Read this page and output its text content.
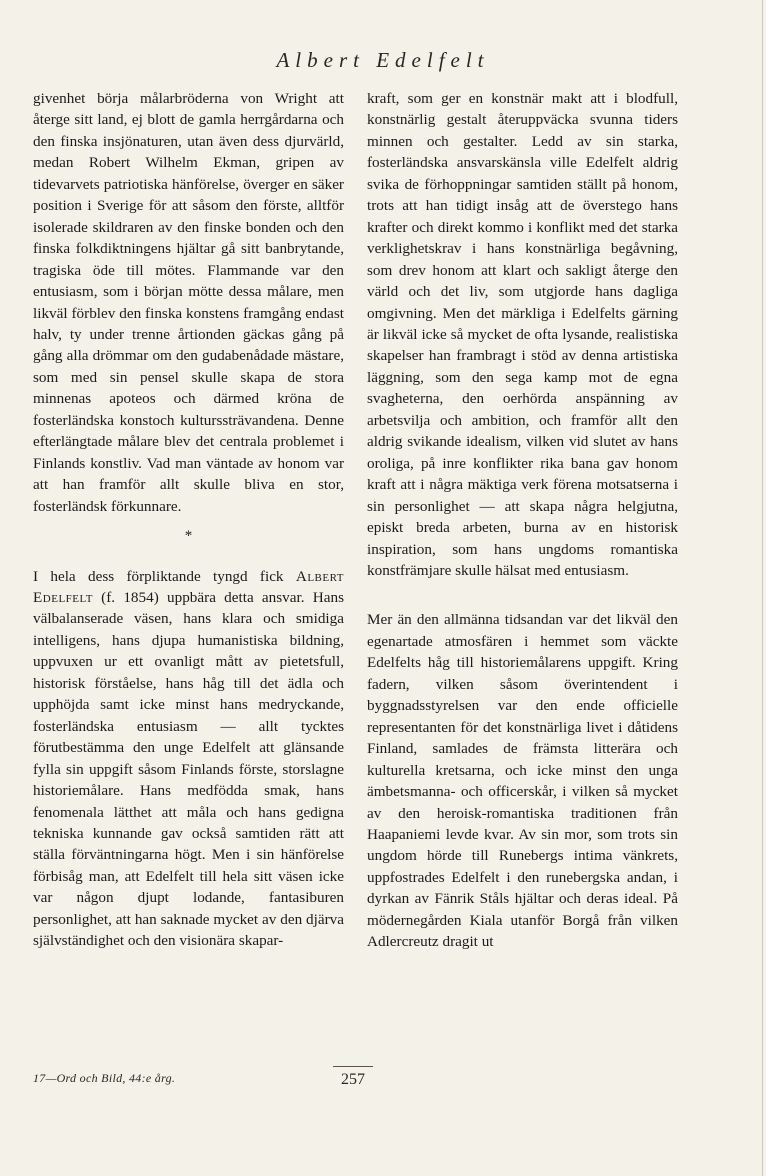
Albert Edelfelt

givenhet börja målarbröderna von Wright att återge sitt land, ej blott de gamla herrgårdarna och den finska insjönaturen, utan även dess djurvärld, medan Robert Wilhelm Ekman, gripen av tidevarvets patriotiska hänförelse, överger en säker position i Sverige för att såsom den förste, alltför isolerade skildraren av den finske bonden och den finska folkdiktningens hjältar gå sitt banbrytande, tragiska öde till mötes. Flammande var den entusiasm, som i början mötte dessa målare, men likväl förblev den finska konstens framgång endast halv, ty under trenne årtionden gäckas gång på gång alla drömmar om den gudabenådade mästare, som med sin pensel skulle skapa de stora minnenas apoteos och därmed kröna de fosterländska konstoch kulturssträvandena. Denne efterlängtade målare blev det centrala problemet i Finlands konstliv. Vad man väntade av honom var att han framför allt skulle bliva en stor, fosterländsk förkunnare.

*

I hela dess förpliktande tyngd fick Albert Edelfelt (f. 1854) uppbära detta ansvar. Hans välbalanserade väsen, hans klara och smidiga intelligens, hans djupa humanistiska bildning, uppvuxen ur ett ovanligt mått av pietetsfull, historisk förståelse, hans håg till det ädla och upphöjda samt icke minst hans medryckande, fosterländska entusiasm — allt tycktes förutbestämma den unge Edelfelt att glänsande fylla sin uppgift såsom Finlands förste, storslagne historiemålare. Hans medfödda smak, hans fenomenala lätthet att måla och hans gedigna tekniska kunnande gav också samtiden rätt att ställa förväntningarna högt. Men i sin hänförelse förbisåg man, att Edelfelt till hela sitt väsen icke var någon djupt lodande, fantasiburen personlighet, att han saknade mycket av den djärva självständighet och den visionära skapar-

kraft, som ger en konstnär makt att i blodfull, konstnärlig gestalt återuppväcka svunna tiders minnen och gestalter. Ledd av sin starka, fosterländska ansvarskänsla ville Edelfelt aldrig svika de förhoppningar samtiden ställt på honom, trots att han tidigt insåg att de överstego hans krafter och direkt kommo i konflikt med det starka verklighetskrav i hans konstnärliga begåvning, som drev honom att klart och sakligt återge den värld och det liv, som utgjorde hans dagliga omgivning. Men det märkliga i Edelfelts gärning är likväl icke så mycket de ofta lysande, realistiska skapelser han frambragt i stöd av denna artistiska läggning, som den sega kamp mot de egna svagheterna, den oerhörda anspänning av arbetsvilja och ambition, och framför allt den aldrig svikande idealism, vilken vid slutet av hans oroliga, på inre konflikter rika bana gav honom kraft att i några mäktiga verk förena motsatserna i sin personlighet — att skapa några helgjutna, episkt breda arbeten, burna av en historisk inspiration, som hans ungdoms romantiska konstfrämjare skulle hälsat med entusiasm.

Mer än den allmänna tidsandan var det likväl den egenartade atmosfären i hemmet som väckte Edelfelts håg till historiemålarens uppgift. Kring fadern, vilken såsom överintendent i byggnadsstyrelsen var den ende officielle representanten för det konstnärliga livet i dåtidens Finland, samlades de främsta litterära och kulturella kretsarna, och icke minst den unga ämbetsmanna- och officerskår, i vilken så mycket av den heroisk-romantiska traditionen från Haapaniemi levde kvar. Av sin mor, som trots sin ungdom hörde till Runebergs intima vänkrets, uppfostrades Edelfelt i den runebergska andan, i dyrkan av Fänrik Ståls hjältar och deras ideal. På mödernegården Kiala utanför Borgå från vilken Adlercreutz dragit ut

17—Ord och Bild, 44:e årg.	257
